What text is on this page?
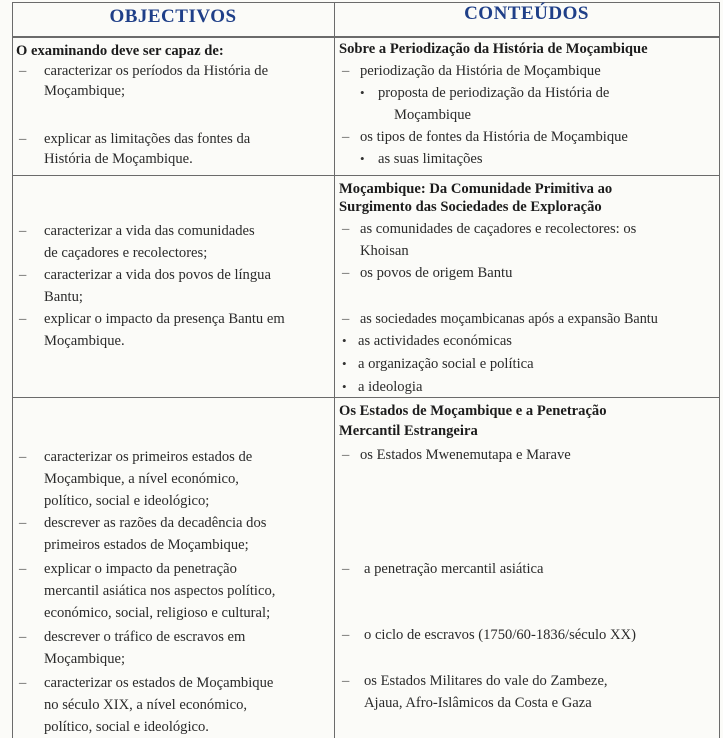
OBJECTIVOS	CONTEÚDOS
O examinando deve ser capaz de:
– caracterizar os períodos da História de
Moçambique;
– explicar as limitações das fontes da
História de Moçambique.
Sobre a Periodização da História de Moçambique
– periodização da História de Moçambique
• proposta de periodização da História de
Moçambique
– os tipos de fontes da História de Moçambique
• as suas limitações
Moçambique: Da Comunidade Primitiva ao
Surgimento das Sociedades de Exploração
– caracterizar a vida das comunidades
de caçadores e recolectores;
– caracterizar a vida dos povos de língua
Bantu;
– explicar o impacto da presença Bantu em
Moçambique.
– as comunidades de caçadores e recolectores: os
Khoisan
– os povos de origem Bantu
– as sociedades moçambicanas após a expansão Bantu
• as actividades económicas
• a organização social e política
• a ideologia
Os Estados de Moçambique e a Penetração
Mercantil Estrangeira
– caracterizar os primeiros estados de
Moçambique, a nível económico,
político, social e ideológico;
– descrever as razões da decadência dos
primeiros estados de Moçambique;
– explicar o impacto da penetração
mercantil asiática nos aspectos político,
económico, social, religioso e cultural;
– descrever o tráfico de escravos em
Moçambique;
– caracterizar os estados de Moçambique
no século XIX, a nível económico,
político, social e ideológico.
– os Estados Mwenemutapa e Marave
– a penetração mercantil asiática
– o ciclo de escravos (1750/60-1836/século XX)
– os Estados Militares do vale do Zambeze,
Ajaua, Afro-Islâmicos da Costa e Gaza
